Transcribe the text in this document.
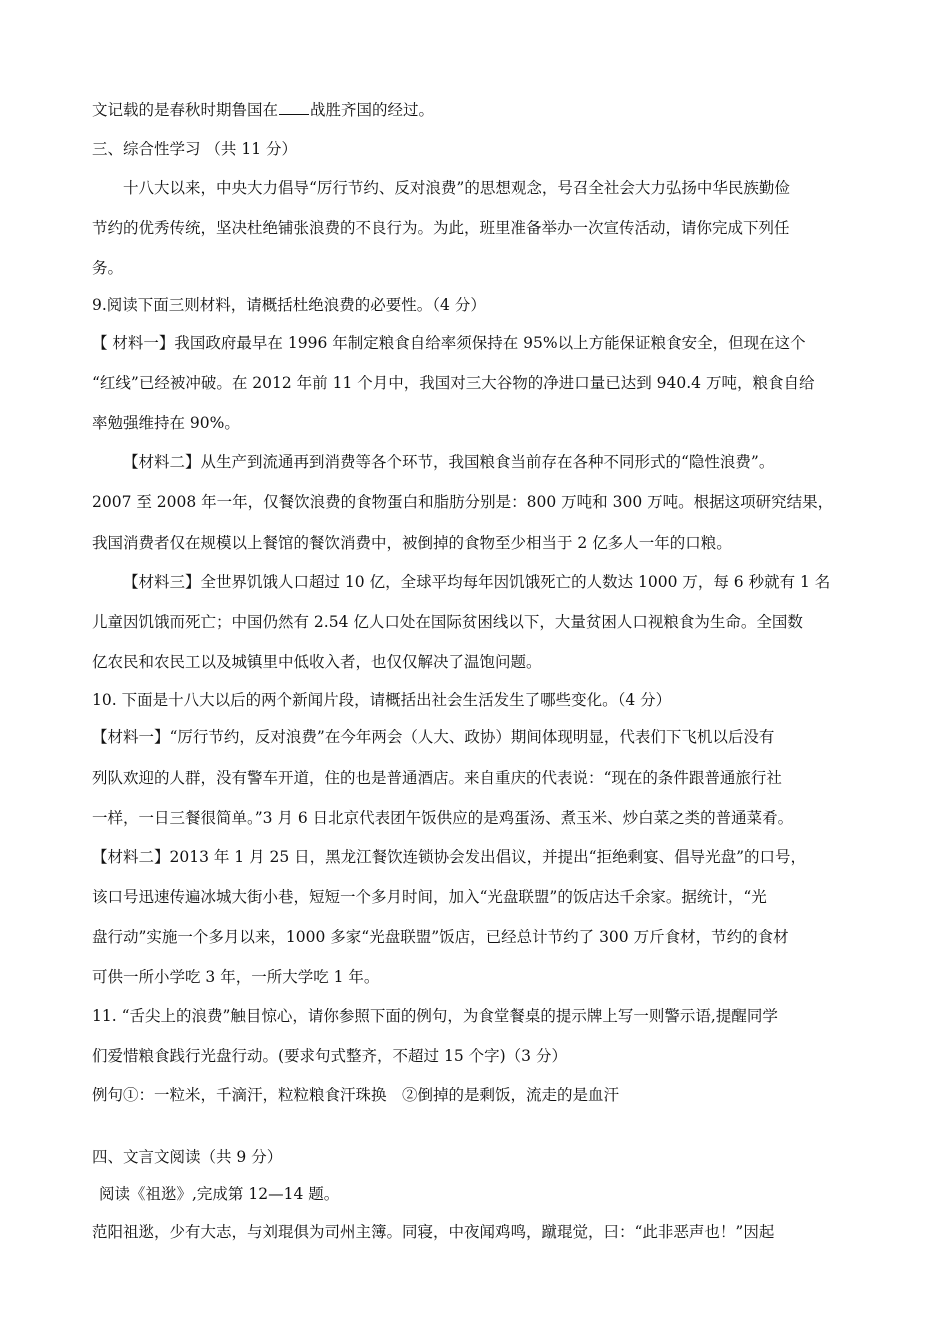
文记载的是春秋时期鲁国在 战胜齐国的经过。
三、综合性学习 （共 11 分）
十八大以来，中央大力倡导“厉行节约、反对浪费”的思想观念，号召全社会大力弘扬中华民族勤俭
节约的优秀传统，坚决杜绝铺张浪费的不良行为。为此，班里准备举办一次宣传活动，请你完成下列任
务。
9.阅读下面三则材料，请概括杜绝浪费的必要性。（4 分）
【 材料一】我国政府最早在 1996 年制定粮食自给率须保持在 95%以上方能保证粮食安全，但现在这个
“红线”已经被冲破。在 2012 年前 11 个月中，我国对三大谷物的净进口量已达到 940.4 万吨，粮食自给
率勉强维持在 90%。
【材料二】从生产到流通再到消费等各个环节，我国粮食当前存在各种不同形式的“隐性浪费”。
2007 至 2008 年一年，仅餐饮浪费的食物蛋白和脂肪分别是：800 万吨和 300 万吨。根据这项研究结果，
我国消费者仅在规模以上餐馆的餐饮消费中，被倒掉的食物至少相当于 2 亿多人一年的口粮。
【材料三】全世界饥饿人口超过 10 亿，全球平均每年因饥饿死亡的人数达 1000 万，每 6 秒就有 1 名
儿童因饥饿而死亡；中国仍然有 2.54 亿人口处在国际贫困线以下，大量贫困人口视粮食为生命。全国数
亿农民和农民工以及城镇里中低收入者，也仅仅解决了温饱问题。
10. 下面是十八大以后的两个新闻片段，请概括出社会生活发生了哪些变化。（4 分）
【材料一】“厉行节约，反对浪费”在今年两会（人大、政协）期间体现明显，代表们下飞机以后没有
列队欢迎的人群，没有警车开道，住的也是普通酒店。来自重庆的代表说：“现在的条件跟普通旅行社
一样，一日三餐很简单。”3 月 6 日北京代表团午饭供应的是鸡蛋汤、煮玉米、炒白菜之类的普通菜肴。
【材料二】2013 年 1 月 25 日，黑龙江餐饮连锁协会发出倡议，并提出“拒绝剩宴、倡导光盘”的口号，
该口号迅速传遍冰城大街小巷，短短一个多月时间，加入“光盘联盟”的饭店达千余家。据统计，“光
盘行动”实施一个多月以来，1000 多家“光盘联盟”饭店，已经总计节约了 300 万斤食材，节约的食材
可供一所小学吃 3 年，一所大学吃 1 年。
11. “舌尖上的浪费”触目惊心，请你参照下面的例句，为食堂餐桌的提示牌上写一则警示语,提醒同学
们爱惜粮食践行光盘行动。(要求句式整齐，不超过 15 个字)（3 分）
例句①：一粒米，千滴汗，粒粒粮食汗珠换　②倒掉的是剩饭，流走的是血汗
四、文言文阅读（共 9 分）
阅读《祖逖》,完成第 12—14 题。
范阳祖逖，少有大志，与刘琨俱为司州主簿。同寝，中夜闻鸡鸣，蹴琨觉，曰：“此非恶声也！”因起
